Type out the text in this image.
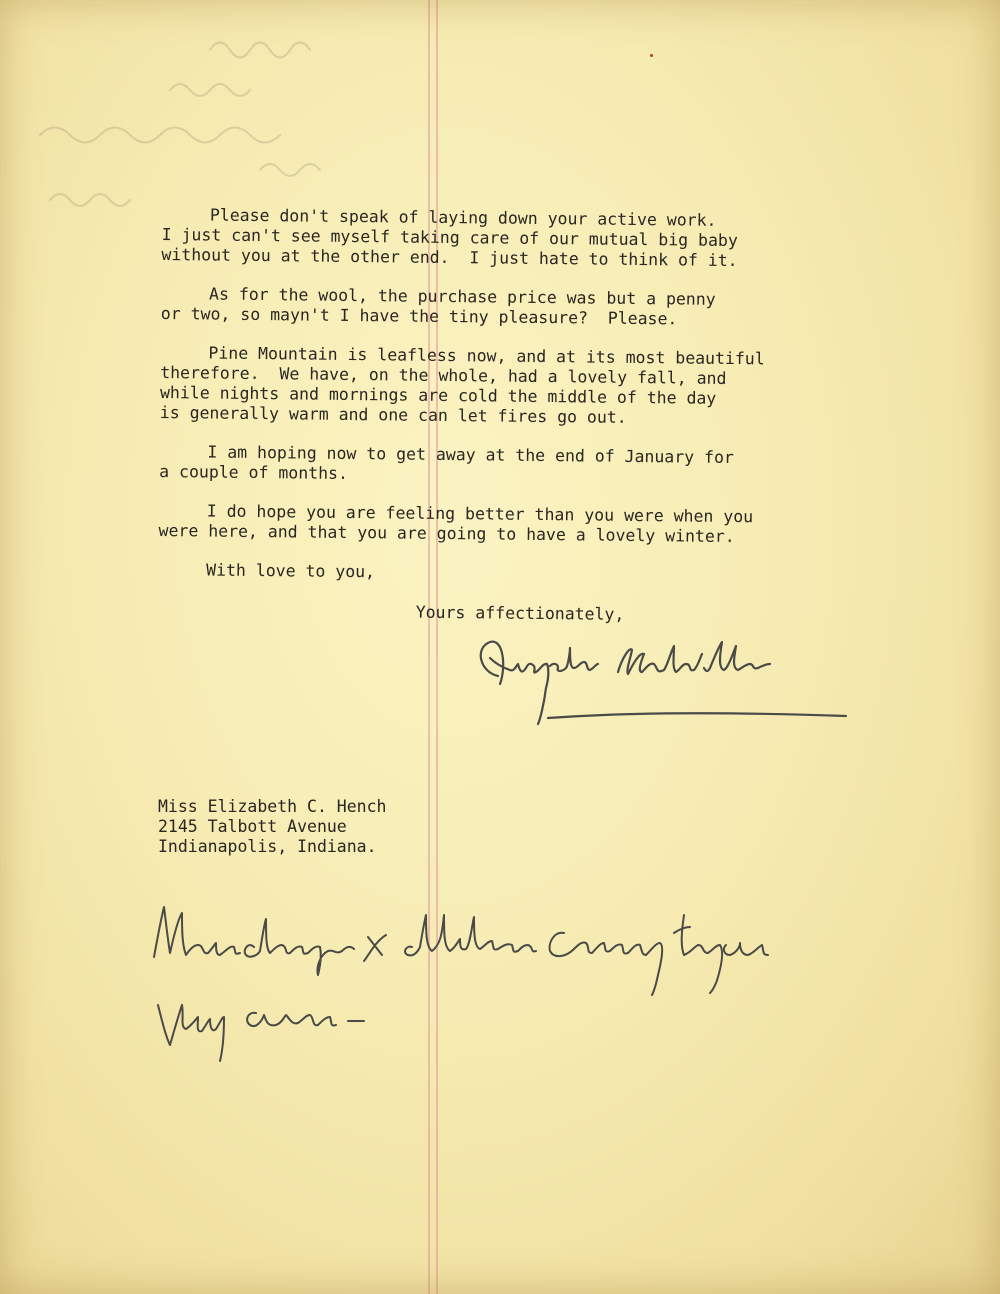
Please don't speak of laying down your active work.
I just can't see myself taking care of our mutual big baby
without you at the other end.  I just hate to think of it.

As for the wool, the purchase price was but a penny
or two, so mayn't I have the tiny pleasure?  Please.

Pine Mountain is leafless now, and at its most beautiful
therefore.  We have, on the whole, had a lovely fall, and
while nights and mornings are cold the middle of the day
is generally warm and one can let fires go out.

I am hoping now to get away at the end of January for
a couple of months.

I do hope you are feeling better than you were when you
were here, and that you are going to have a lovely winter.

With love to you,

Yours affectionately,

Miss Elizabeth C. Hench
2145 Talbott Avenue
Indianapolis, Indiana.
